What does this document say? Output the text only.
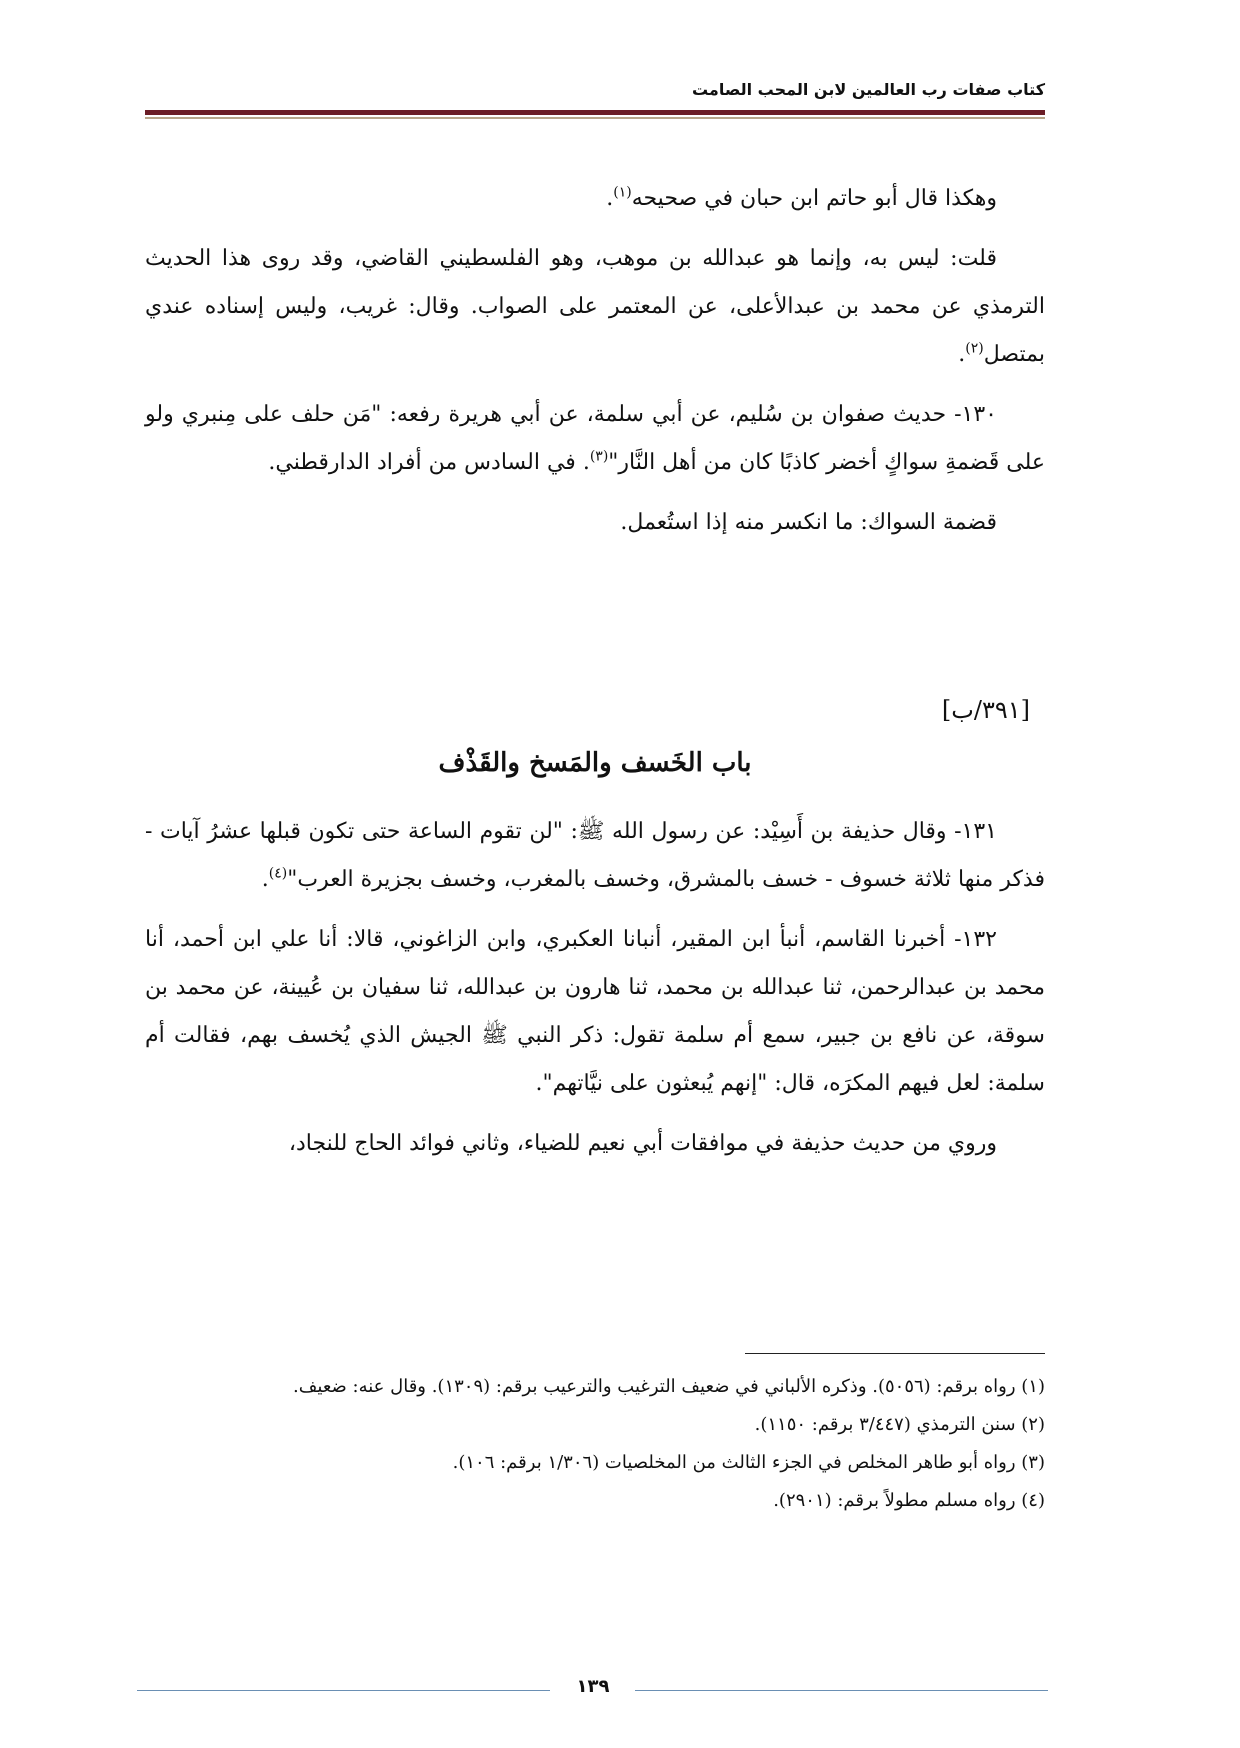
كتاب صفات رب العالمين لابن المحب الصامت

وهكذا قال أبو حاتم ابن حبان في صحيحه$^{(١)}$.

قلت: ليس به، وإنما هو عبدالله بن موهب، وهو الفلسطيني القاضي، وقد روى هذا الحديث الترمذي عن محمد بن عبدالأعلى، عن المعتمر على الصواب. وقال: غريب، وليس إسناده عندي بمتصل$^{(٢)}$.

١٣٠- حديث صفوان بن سُليم، عن أبي سلمة، عن أبي هريرة رفعه: "مَن حلف على مِنبري ولو على قَضمةِ سواكٍ أخضر كاذبًا كان من أهل النَّار"$^{(٣)}$. في السادس من أفراد الدارقطني.

قضمة السواك: ما انكسر منه إذا استُعمل.

[٣٩١/ب]
باب الخَسف والمَسخ والقَذْف

١٣١- وقال حذيفة بن أَسِيْد: عن رسول الله ﷺ: "لن تقوم الساعة حتى تكون قبلها عشرُ آيات - فذكر منها ثلاثة خسوف - خسف بالمشرق، وخسف بالمغرب، وخسف بجزيرة العرب"$^{(٤)}$.

١٣٢- أخبرنا القاسم، أنبأ ابن المقير، أنبانا العكبري، وابن الزاغوني، قالا: أنا علي ابن أحمد، أنا محمد بن عبدالرحمن، ثنا عبدالله بن محمد، ثنا هارون بن عبدالله، ثنا سفيان بن عُيينة، عن محمد بن سوقة، عن نافع بن جبير، سمع أم سلمة تقول: ذكر النبي ﷺ الجيش الذي يُخسف بهم، فقالت أم سلمة: لعل فيهم المكرَه، قال: "إنهم يُبعثون على نيَّاتهم".

وروي من حديث حذيفة في موافقات أبي نعيم للضياء، وثاني فوائد الحاج للنجاد،

(١) رواه برقم: (٥٠٥٦). وذكره الألباني في ضعيف الترغيب والترعيب برقم: (١٣٠٩). وقال عنه: ضعيف.

(٢) سنن الترمذي (٣/٤٤٧ برقم: ١١٥٠).

(٣) رواه أبو طاهر المخلص في الجزء الثالث من المخلصيات (١/٣٠٦ برقم: ١٠٦).

(٤) رواه مسلم مطولاً برقم: (٢٩٠١).

١٣٩
